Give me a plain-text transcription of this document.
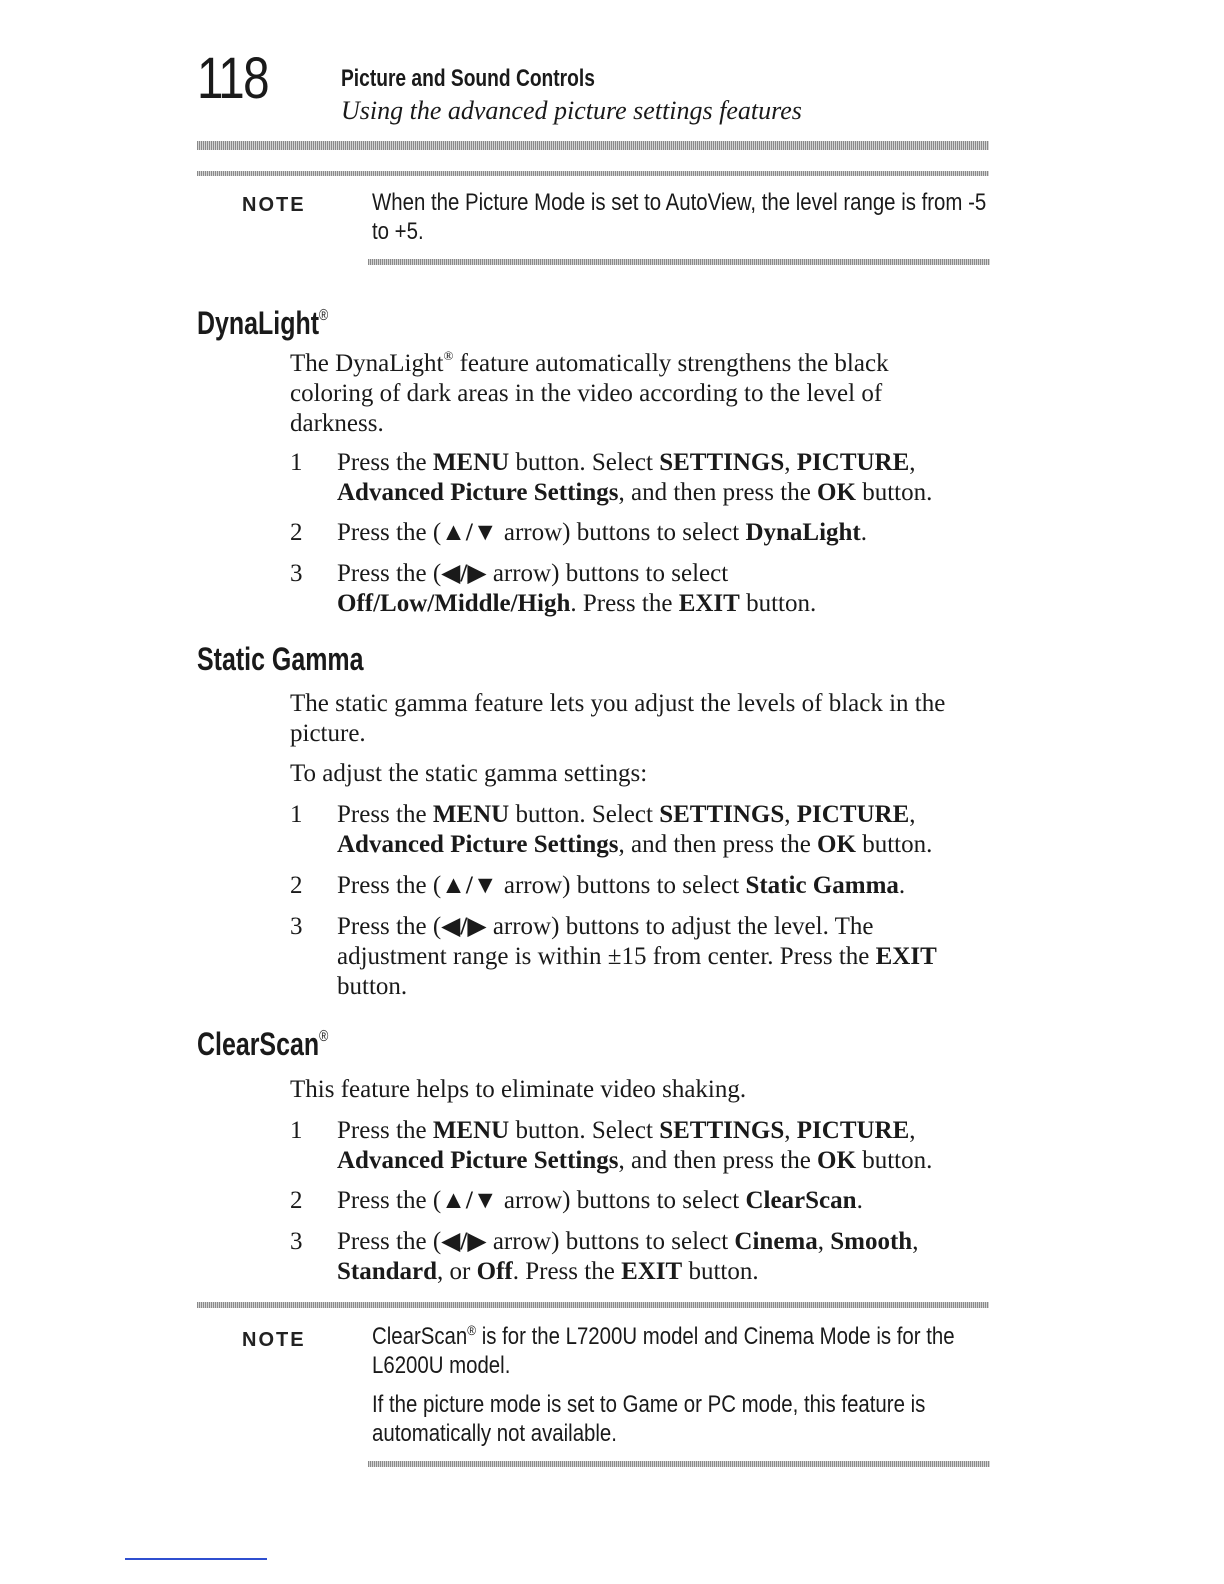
118	Picture and Sound Controls
Using the advanced picture settings features
NOTE	When the Picture Mode is set to AutoView, the level range is from -5
to +5.
DynaLight®
The DynaLight® feature automatically strengthens the black
coloring of dark areas in the video according to the level of
darkness.
1 Press the MENU button. Select SETTINGS, PICTURE,
Advanced Picture Settings, and then press the OK button.
2 Press the (▲/▼ arrow) buttons to select DynaLight.
3 Press the (◀/▶ arrow) buttons to select
Off/Low/Middle/High. Press the EXIT button.
Static Gamma
The static gamma feature lets you adjust the levels of black in the
picture.
To adjust the static gamma settings:
1 Press the MENU button. Select SETTINGS, PICTURE,
Advanced Picture Settings, and then press the OK button.
2 Press the (▲/▼ arrow) buttons to select Static Gamma.
3 Press the (◀/▶ arrow) buttons to adjust the level. The
adjustment range is within ±15 from center. Press the EXIT
button.
ClearScan®
This feature helps to eliminate video shaking.
1 Press the MENU button. Select SETTINGS, PICTURE,
Advanced Picture Settings, and then press the OK button.
2 Press the (▲/▼ arrow) buttons to select ClearScan.
3 Press the (◀/▶ arrow) buttons to select Cinema, Smooth,
Standard, or Off. Press the EXIT button.
NOTE	ClearScan® is for the L7200U model and Cinema Mode is for the
L6200U model.
If the picture mode is set to Game or PC mode, this feature is
automatically not available.
